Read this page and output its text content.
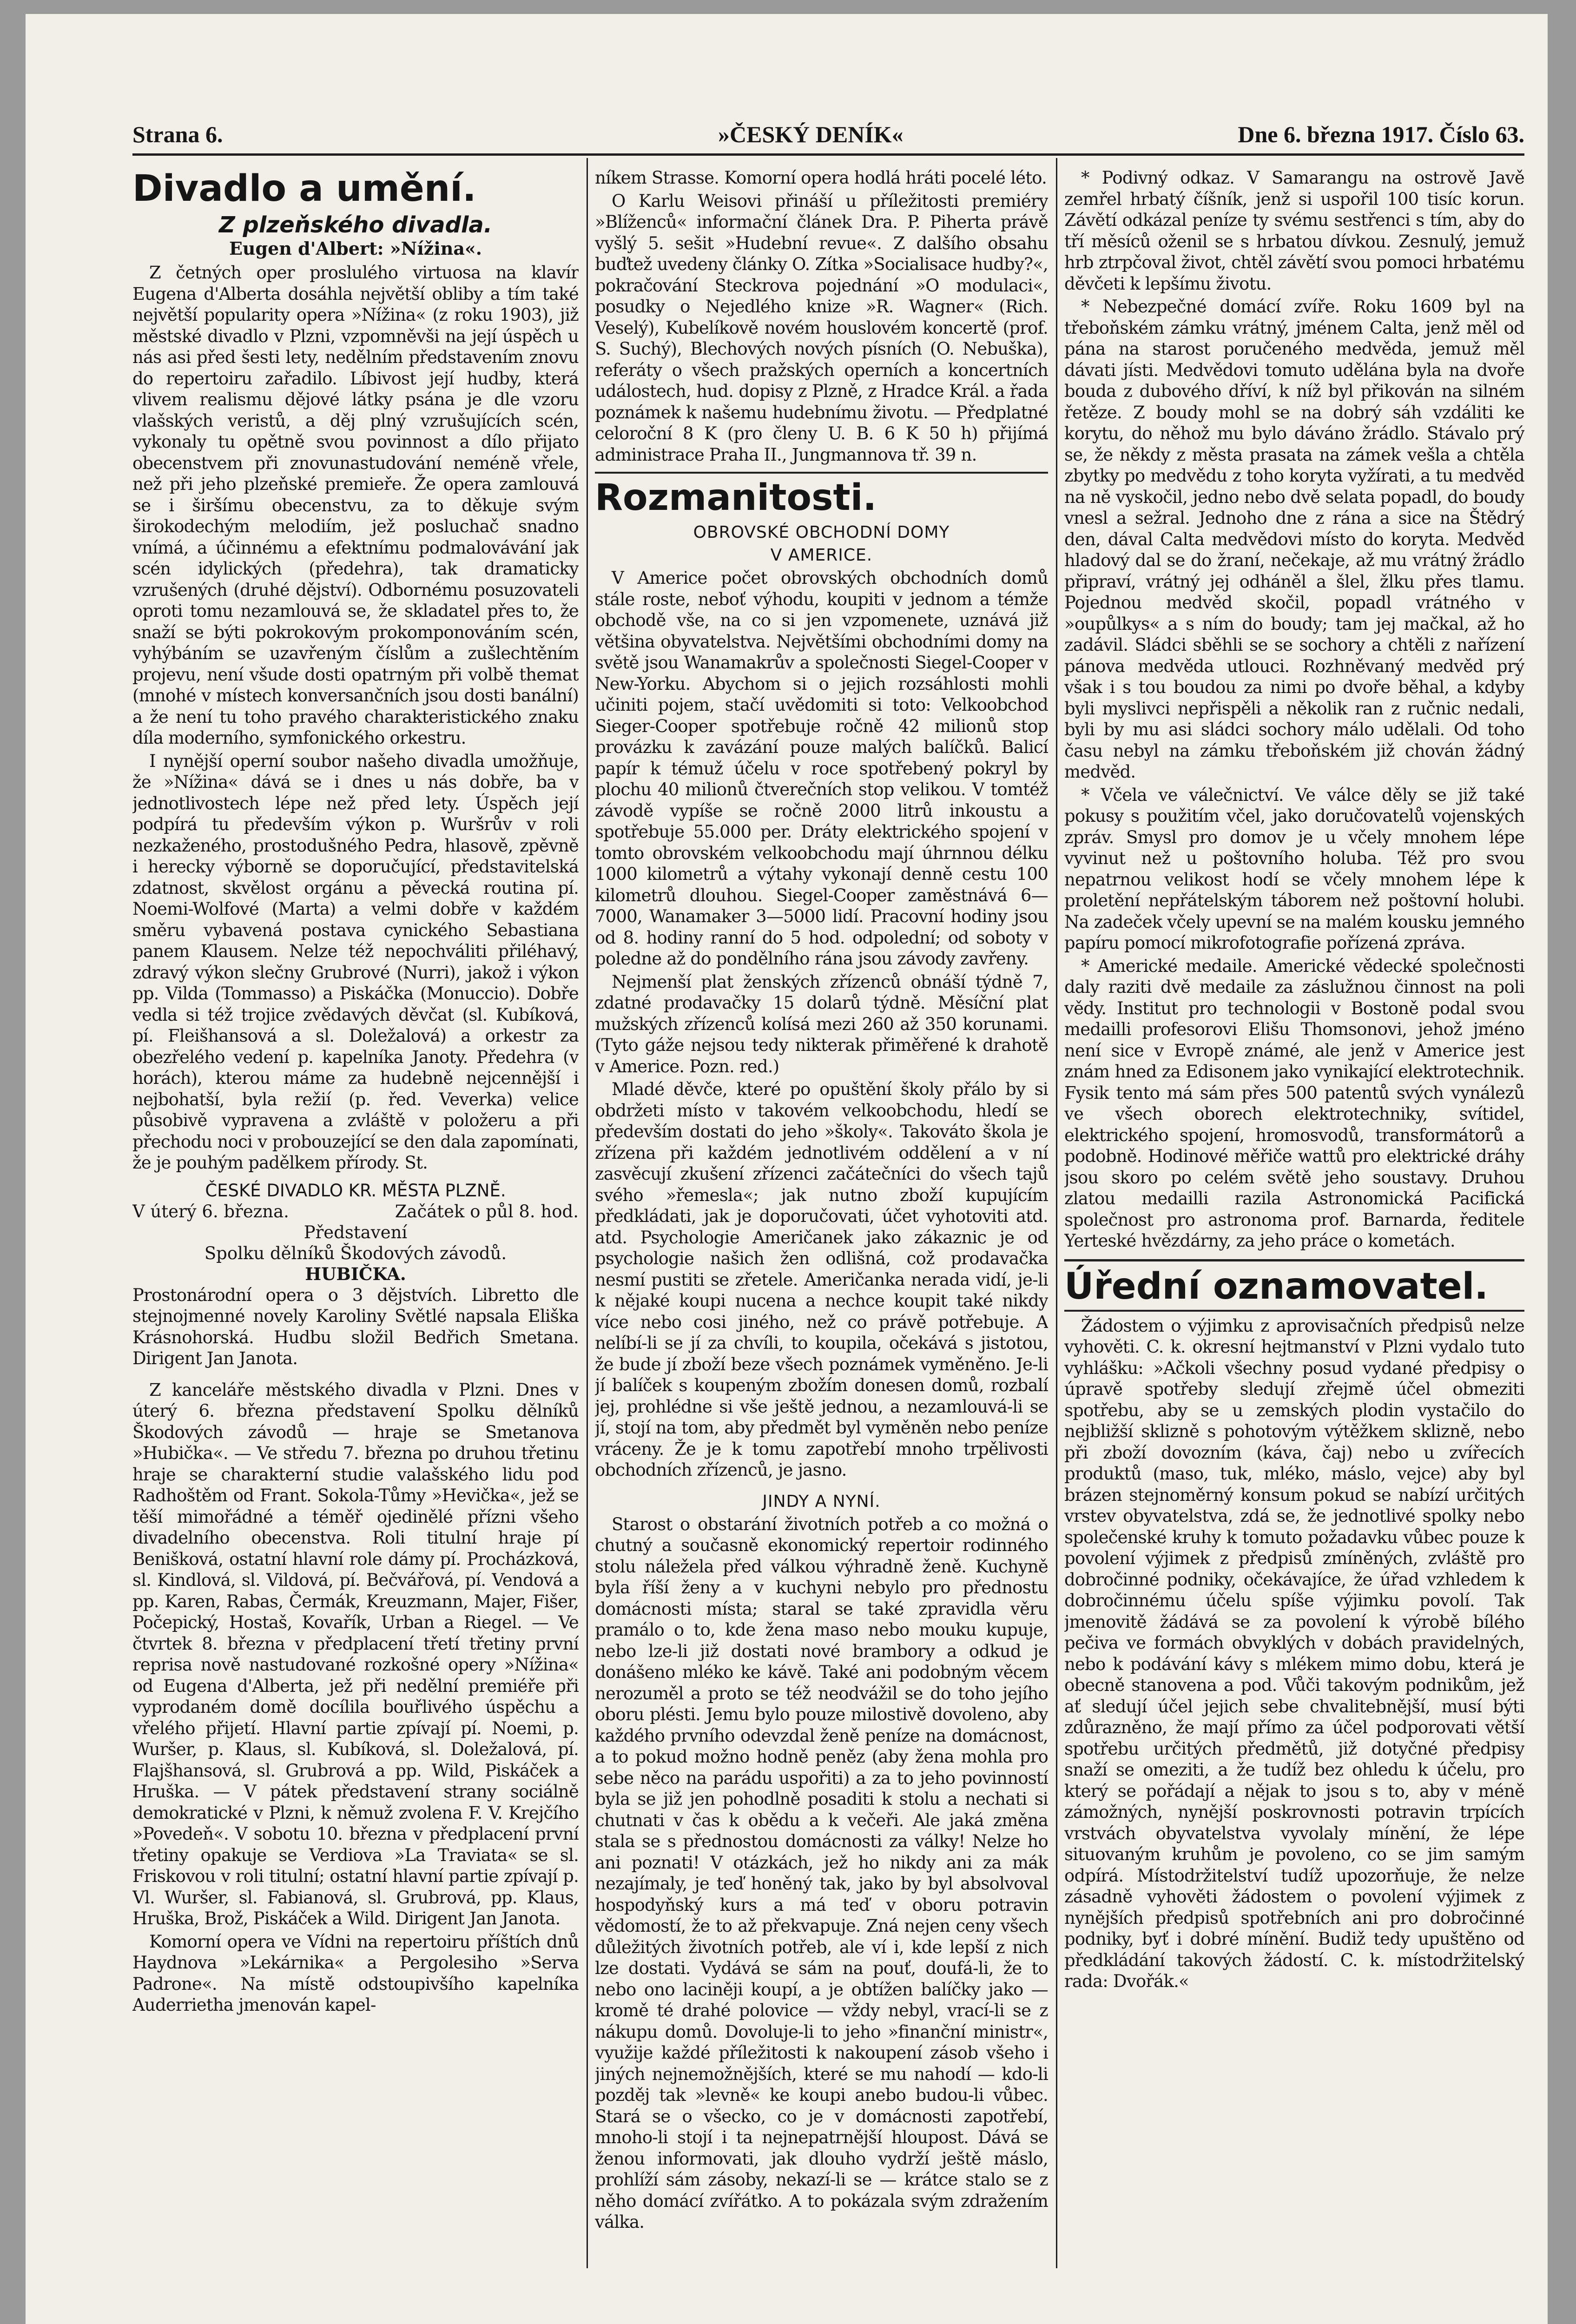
Strana 6.	»ČESKÝ DENÍK«	Dne 6. března 1917. Číslo 63.
Divadlo a umění.
Z plzeňského divadla.
Eugen d'Albert: »Nížina«.

Z četných oper proslulého virtuosa na klavír Eugena d'Alberta dosáhla největší obliby a tím také největší popularity opera »Nížina« (z roku 1903), již městské divadlo v Plzni, vzpomněvši na její úspěch u nás asi před šesti lety, nedělním představením znovu do repertoiru zařadilo. Líbivost její hudby, která vlivem realismu dějové látky psána je dle vzoru vlašských veristů, a děj plný vzrušujících scén, vykonaly tu opětně svou povinnost a dílo přijato obecenstvem při znovunastudování neméně vřele, než při jeho plzeňské premieře. Že opera zamlouvá se i širšímu obecenstvu, za to děkuje svým širokodechým melodiím, jež posluchač snadno vnímá, a účinnému a efektnímu podmalovávání jak scén idylických (předehra), tak dramaticky vzrušených (druhé dějství). Odbornému posuzovateli oproti tomu nezamlouvá se, že skladatel přes to, že snaží se býti pokrokovým prokomponováním scén, vyhýbáním se uzavřeným číslům a zušlechtěním projevu, není všude dosti opatrným při volbě themat (mnohé v místech konversančních jsou dosti banální) a že není tu toho pravého charakteristického znaku díla moderního, symfonického orkestru.

I nynější operní soubor našeho divadla umožňuje, že »Nížina« dává se i dnes u nás dobře, ba v jednotlivostech lépe než před lety. Úspěch její podpírá tu především výkon p. Wuršrův v roli nezkaženého, prostodušného Pedra, hlasově, zpěvně i herecky výborně se doporučující, představitelská zdatnost, skvělost orgánu a pěvecká routina pí. Noemi-Wolfové (Marta) a velmi dobře v každém směru vybavená postava cynického Sebastiana panem Klausem. Nelze též nepochváliti přiléhavý, zdravý výkon slečny Grubrové (Nurri), jakož i výkon pp. Vilda (Tommasso) a Piskáčka (Monuccio). Dobře vedla si též trojice zvědavých děvčat (sl. Kubíková, pí. Fleišhansová a sl. Doležalová) a orkestr za obezřelého vedení p. kapelníka Janoty. Předehra (v horách), kterou máme za hudebně nejcennější i nejbohatší, byla režií (p. řed. Veverka) velice působivě vypravena a zvláště v položeru a při přechodu noci v probouzející se den dala zapomínati, že je pouhým padělkem přírody. St.

ČESKÉ DIVADLO KR. MĚSTA PLZNĚ.
V úterý 6. března.	Začátek o půl 8. hod.
Představení
Spolku dělníků Škodových závodů.
HUBIČKA.

Prostonárodní opera o 3 dějstvích. Libretto dle stejnojmenné novely Karoliny Světlé napsala Eliška Krásnohorská. Hudbu složil Bedřich Smetana. Dirigent Jan Janota.

Z kanceláře městského divadla v Plzni. Dnes v úterý 6. března představení Spolku dělníků Škodových závodů — hraje se Smetanova »Hubička«. — Ve středu 7. března po druhou třetinu hraje se charakterní studie valašského lidu pod Radhoštěm od Frant. Sokola-Tůmy »Hevička«, jež se těší mimořádné a téměř ojedinělé přízni všeho divadelního obecenstva. Roli titulní hraje pí Benišková, ostatní hlavní role dámy pí. Procházková, sl. Kindlová, sl. Vildová, pí. Bečvářová, pí. Vendová a pp. Karen, Rabas, Čermák, Kreuzmann, Majer, Fišer, Počepický, Hostaš, Kovařík, Urban a Riegel. — Ve čtvrtek 8. března v předplacení třetí třetiny první reprisa nově nastudované rozkošné opery »Nížina« od Eugena d'Alberta, jež při nedělní premiéře při vyprodaném domě docílila bouřlivého úspěchu a vřelého přijetí. Hlavní partie zpívají pí. Noemi, p. Wuršer, p. Klaus, sl. Kubíková, sl. Doležalová, pí. Flajšhansová, sl. Grubrová a pp. Wild, Piskáček a Hruška. — V pátek představení strany sociálně demokratické v Plzni, k němuž zvolena F. V. Krejčího »Povedeň«. V sobotu 10. března v předplacení první třetiny opakuje se Verdiova »La Traviata« se sl. Friskovou v roli titulní; ostatní hlavní partie zpívají p. Vl. Wuršer, sl. Fabianová, sl. Grubrová, pp. Klaus, Hruška, Brož, Piskáček a Wild. Dirigent Jan Janota.

Komorní opera ve Vídni na repertoiru příštích dnů Haydnova »Lekárnika« a Pergolesiho »Serva Padrone«. Na místě odstoupivšího kapelníka Auderrietha jmenován kapel-

níkem Strasse. Komorní opera hodlá hráti pocelé léto.

O Karlu Weisovi přináší u příležitosti premiéry »Blíženců« informační článek Dra. P. Piherta právě vyšlý 5. sešit »Hudební revue«. Z dalšího obsahu buďtež uvedeny články O. Zítka »Socialisace hudby?«, pokračování Steckrova pojednání »O modulaci«, posudky o Nejedlého knize »R. Wagner« (Rich. Veselý), Kubelíkově novém houslovém koncertě (prof. S. Suchý), Blechových nových písních (O. Nebuška), referáty o všech pražských operních a koncertních událostech, hud. dopisy z Plzně, z Hradce Král. a řada poznámek k našemu hudebnímu životu. — Předplatné celoroční 8 K (pro členy U. B. 6 K 50 h) přijímá administrace Praha II., Jungmannova tř. 39 n.

Rozmanitosti.
OBROVSKÉ OBCHODNÍ DOMY
V AMERICE.

V Americe počet obrovských obchodních domů stále roste, neboť výhodu, koupiti v jednom a témže obchodě vše, na co si jen vzpomenete, uznává již většina obyvatelstva. Největšími obchodními domy na světě jsou Wanamakrův a společnosti Siegel-Cooper v New-Yorku. Abychom si o jejich rozsáhlosti mohli učiniti pojem, stačí uvědomiti si toto: Velkoobchod Sieger-Cooper spotřebuje ročně 42 milionů stop provázku k zavázání pouze malých balíčků. Balicí papír k témuž účelu v roce spotřebený pokryl by plochu 40 milionů čtverečních stop velikou. V tomtéž závodě vypíše se ročně 2000 litrů inkoustu a spotřebuje 55.000 per. Dráty elektrického spojení v tomto obrovském velkoobchodu mají úhrnnou délku 1000 kilometrů a výtahy vykonají denně cestu 100 kilometrů dlouhou. Siegel-Cooper zaměstnává 6—7000, Wanamaker 3—5000 lidí. Pracovní hodiny jsou od 8. hodiny ranní do 5 hod. odpolední; od soboty v poledne až do pondělního rána jsou závody zavřeny.

Nejmenší plat ženských zřízenců obnáší týdně 7, zdatné prodavačky 15 dolarů týdně. Měsíční plat mužských zřízenců kolísá mezi 260 až 350 korunami. (Tyto gáže nejsou tedy nikterak přiměřené k drahotě v Americe. Pozn. red.)

Mladé děvče, které po opuštění školy přálo by si obdržeti místo v takovém velkoobchodu, hledí se především dostati do jeho »školy«. Takováto škola je zřízena při každém jednotlivém oddělení a v ní zasvěcují zkušení zřízenci začátečníci do všech tajů svého »řemesla«; jak nutno zboží kupujícím předkládati, jak je doporučovati, účet vyhotoviti atd. atd. Psychologie Američanek jako zákaznic je od psychologie našich žen odlišná, což prodavačka nesmí pustiti se zřetele. Američanka nerada vidí, je-li k nějaké koupi nucena a nechce koupit také nikdy více nebo cosi jiného, než co právě potřebuje. A nelíbí-li se jí za chvíli, to koupila, očekává s jistotou, že bude jí zboží beze všech poznámek vyměněno. Je-li jí balíček s koupeným zbožím donesen domů, rozbalí jej, prohlédne si vše ještě jednou, a nezamlouvá-li se jí, stojí na tom, aby předmět byl vyměněn nebo peníze vráceny. Že je k tomu zapotřebí mnoho trpělivosti obchodních zřízenců, je jasno.

JINDY A NYNÍ.

Starost o obstarání životních potřeb a co možná o chutný a současně ekonomický repertoir rodinného stolu náležela před válkou výhradně ženě. Kuchyně byla říší ženy a v kuchyni nebylo pro přednostu domácnosti místa; staral se také zpravidla věru pramálo o to, kde žena maso nebo mouku kupuje, nebo lze-li již dostati nové brambory a odkud je donášeno mléko ke kávě. Také ani podobným věcem nerozuměl a proto se též neodvážil se do toho jejího oboru plésti. Jemu bylo pouze milostivě dovoleno, aby každého prvního odevzdal ženě peníze na domácnost, a to pokud možno hodně peněz (aby žena mohla pro sebe něco na parádu uspořiti) a za to jeho povinností byla se již jen pohodlně posaditi k stolu a nechati si chutnati v čas k obědu a k večeři. Ale jaká změna stala se s přednostou domácnosti za války! Nelze ho ani poznati! V otázkách, jež ho nikdy ani za mák nezajímaly, je teď honěný tak, jako by byl absolvoval hospodyňský kurs a má teď v oboru potravin vědomostí, že to až překvapuje. Zná nejen ceny všech důležitých životních potřeb, ale ví i, kde lepší z nich lze dostati. Vydává se sám na pouť, doufá-li, že to nebo ono laciněji koupí, a je obtížen balíčky jako — kromě té drahé polovice — vždy nebyl, vrací-li se z nákupu domů. Dovoluje-li to jeho »finanční ministr«, využije každé příležitosti k nakoupení zásob všeho i jiných nejnemožnějších, které se mu nahodí — kdo-li pozděj tak »levně« ke koupi anebo budou-li vůbec. Stará se o všecko, co je v domácnosti zapotřebí, mnoho-li stojí i ta nejnepatrnější hloupost. Dává se ženou informovati, jak dlouho vydrží ještě máslo, prohlíží sám zásoby, nekazí-li se — krátce stalo se z něho domácí zvířátko. A to pokázala svým zdražením válka.

* Podivný odkaz. V Samarangu na ostrově Javě zemřel hrbatý číšník, jenž si uspořil 100 tisíc korun. Závětí odkázal peníze ty svému sestřenci s tím, aby do tří měsíců oženil se s hrbatou dívkou. Zesnulý, jemuž hrb ztrpčoval život, chtěl závětí svou pomoci hrbatému děvčeti k lepšímu životu.

* Nebezpečné domácí zvíře. Roku 1609 byl na třeboňském zámku vrátný, jménem Calta, jenž měl od pána na starost poručeného medvěda, jemuž měl dávati jísti. Medvědovi tomuto udělána byla na dvoře bouda z dubového dříví, k níž byl přikován na silném řetěze. Z boudy mohl se na dobrý sáh vzdáliti ke korytu, do něhož mu bylo dáváno žrádlo. Stávalo prý se, že někdy z města prasata na zámek vešla a chtěla zbytky po medvědu z toho koryta vyžírati, a tu medvěd na ně vyskočil, jedno nebo dvě selata popadl, do boudy vnesl a sežral. Jednoho dne z rána a sice na Štědrý den, dával Calta medvědovi místo do koryta. Medvěd hladový dal se do žraní, nečekaje, až mu vrátný žrádlo připraví, vrátný jej odháněl a šlel, žlku přes tlamu. Pojednou medvěd skočil, popadl vrátného v »oupůlkys« a s ním do boudy; tam jej mačkal, až ho zadávil. Sládci sběhli se se sochory a chtěli z nařízení pánova medvěda utlouci. Rozhněvaný medvěd prý však i s tou boudou za nimi po dvoře běhal, a kdyby byli myslivci nepřispěli a několik ran z ručnic nedali, byli by mu asi sládci sochory málo udělali. Od toho času nebyl na zámku třeboňském již chován žádný medvěd.

* Včela ve válečnictví. Ve válce děly se již také pokusy s použitím včel, jako doručovatelů vojenských zpráv. Smysl pro domov je u včely mnohem lépe vyvinut než u poštovního holuba. Též pro svou nepatrnou velikost hodí se včely mnohem lépe k proletění nepřátelským táborem než poštovní holubi. Na zadeček včely upevní se na malém kousku jemného papíru pomocí mikrofotografie pořízená zpráva.

* Americké medaile. Americké vědecké společnosti daly raziti dvě medaile za záslužnou činnost na poli vědy. Institut pro technologii v Bostoně podal svou medailli profesorovi Elišu Thomsonovi, jehož jméno není sice v Evropě známé, ale jenž v Americe jest znám hned za Edisonem jako vynikající elektrotechnik. Fysik tento má sám přes 500 patentů svých vynálezů ve všech oborech elektrotechniky, svítidel, elektrického spojení, hromosvodů, transformátorů a podobně. Hodinové měřiče wattů pro elektrické dráhy jsou skoro po celém světě jeho soustavy. Druhou zlatou medailli razila Astronomická Pacifická společnost pro astronoma prof. Barnarda, ředitele Yerteské hvězdárny, za jeho práce o kometách.

Úřední oznamovatel.

Žádostem o výjimku z aprovisačních předpisů nelze vyhověti. C. k. okresní hejtmanství v Plzni vydalo tuto vyhlášku: »Ačkoli všechny posud vydané předpisy o úpravě spotřeby sledují zřejmě účel obmeziti spotřebu, aby se u zemských plodin vystačilo do nejbližší sklizně s pohotovým výtěžkem sklizně, nebo při zboží dovozním (káva, čaj) nebo u zvířecích produktů (maso, tuk, mléko, máslo, vejce) aby byl brázen stejnoměrný konsum pokud se nabízí určitých vrstev obyvatelstva, zdá se, že jednotlivé spolky nebo společenské kruhy k tomuto požadavku vůbec pouze k povolení výjimek z předpisů zmíněných, zvláště pro dobročinné podniky, očekávajíce, že úřad vzhledem k dobročinnému účelu spíše výjimku povolí. Tak jmenovitě žádává se za povolení k výrobě bílého pečiva ve formách obvyklých v dobách pravidelných, nebo k podávání kávy s mlékem mimo dobu, která je obecně stanovena a pod. Vůči takovým podnikům, jež ať sledují účel jejich sebe chvalitebnější, musí býti zdůrazněno, že mají přímo za účel podporovati větší spotřebu určitých předmětů, již dotyčné předpisy snaží se omeziti, a že tudíž bez ohledu k účelu, pro který se pořádají a nějak to jsou s to, aby v méně zámožných, nynější poskrovnosti potravin trpících vrstvách obyvatelstva vyvolaly mínění, že lépe situovaným kruhům je povoleno, co se jim samým odpírá. Místodržitelství tudíž upozorňuje, že nelze zásadně vyhověti žádostem o povolení výjimek z nynějších předpisů spotřebních ani pro dobročinné podniky, byť i dobré mínění. Budiž tedy upuštěno od předkládání takových žádostí. C. k. místodržitelský rada: Dvořák.«
